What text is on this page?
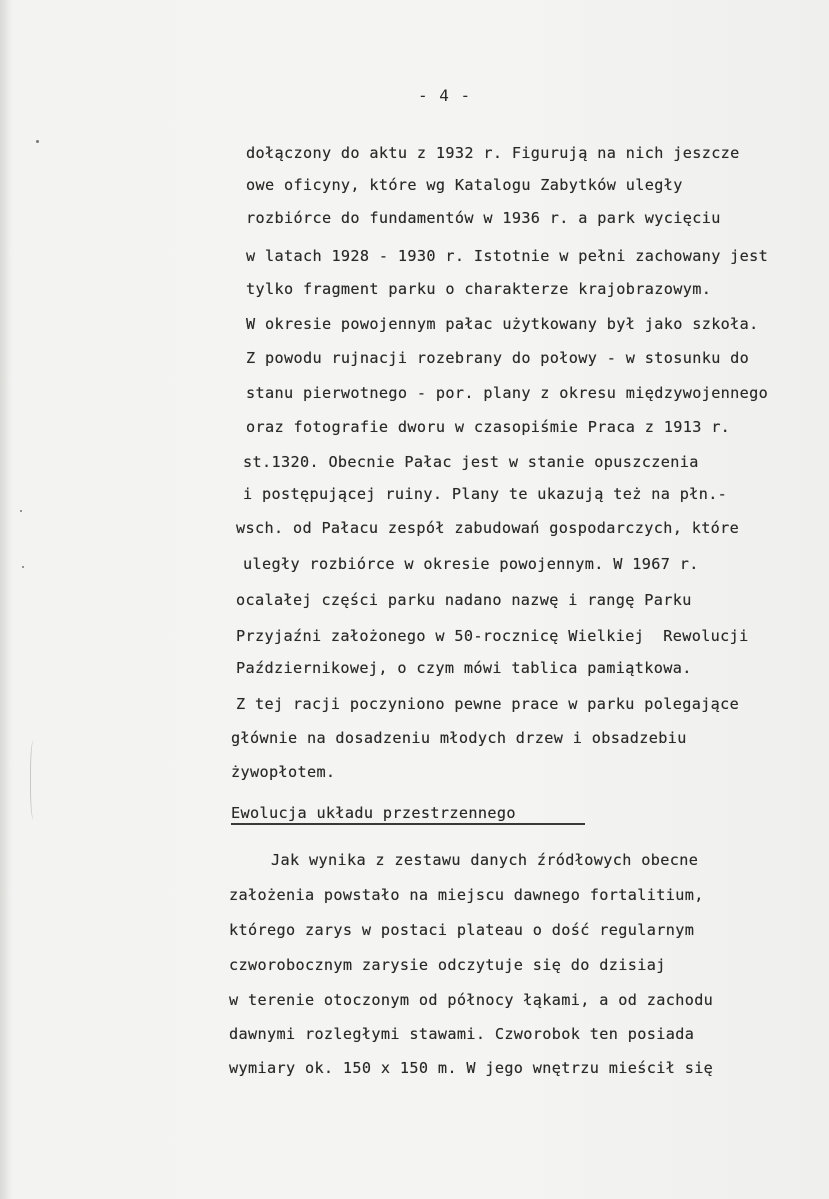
- 4 -
dołączony do aktu z 1932 r. Figurują na nich jeszcze
owe oficyny, które wg Katalogu Zabytków uległy
rozbiórce do fundamentów w 1936 r. a park wycięciu
w latach 1928 - 1930 r. Istotnie w pełni zachowany jest
tylko fragment parku o charakterze krajobrazowym.
W okresie powojennym pałac użytkowany był jako szkoła.
Z powodu rujnacji rozebrany do połowy - w stosunku do
stanu pierwotnego - por. plany z okresu międzywojennego
oraz fotografie dworu w czasopiśmie Praca z 1913 r.
st.1320. Obecnie Pałac jest w stanie opuszczenia
i postępującej ruiny. Plany te ukazują też na płn.-
wsch. od Pałacu zespół zabudowań gospodarczych, które
uległy rozbiórce w okresie powojennym. W 1967 r.
ocalałej części parku nadano nazwę i rangę Parku
Przyjaźni założonego w 50-rocznicę Wielkiej  Rewolucji
Październikowej, o czym mówi tablica pamiątkowa.
Z tej racji poczyniono pewne prace w parku polegające
głównie na dosadzeniu młodych drzew i obsadzebiu
żywopłotem.
Ewolucja układu przestrzennego
Jak wynika z zestawu danych źródłowych obecne
założenia powstało na miejscu dawnego fortalitium,
którego zarys w postaci plateau o dość regularnym
czworobocznym zarysie odczytuje się do dzisiaj
w terenie otoczonym od północy łąkami, a od zachodu
dawnymi rozległymi stawami. Czworobok ten posiada
wymiary ok. 150 x 150 m. W jego wnętrzu mieścił się
